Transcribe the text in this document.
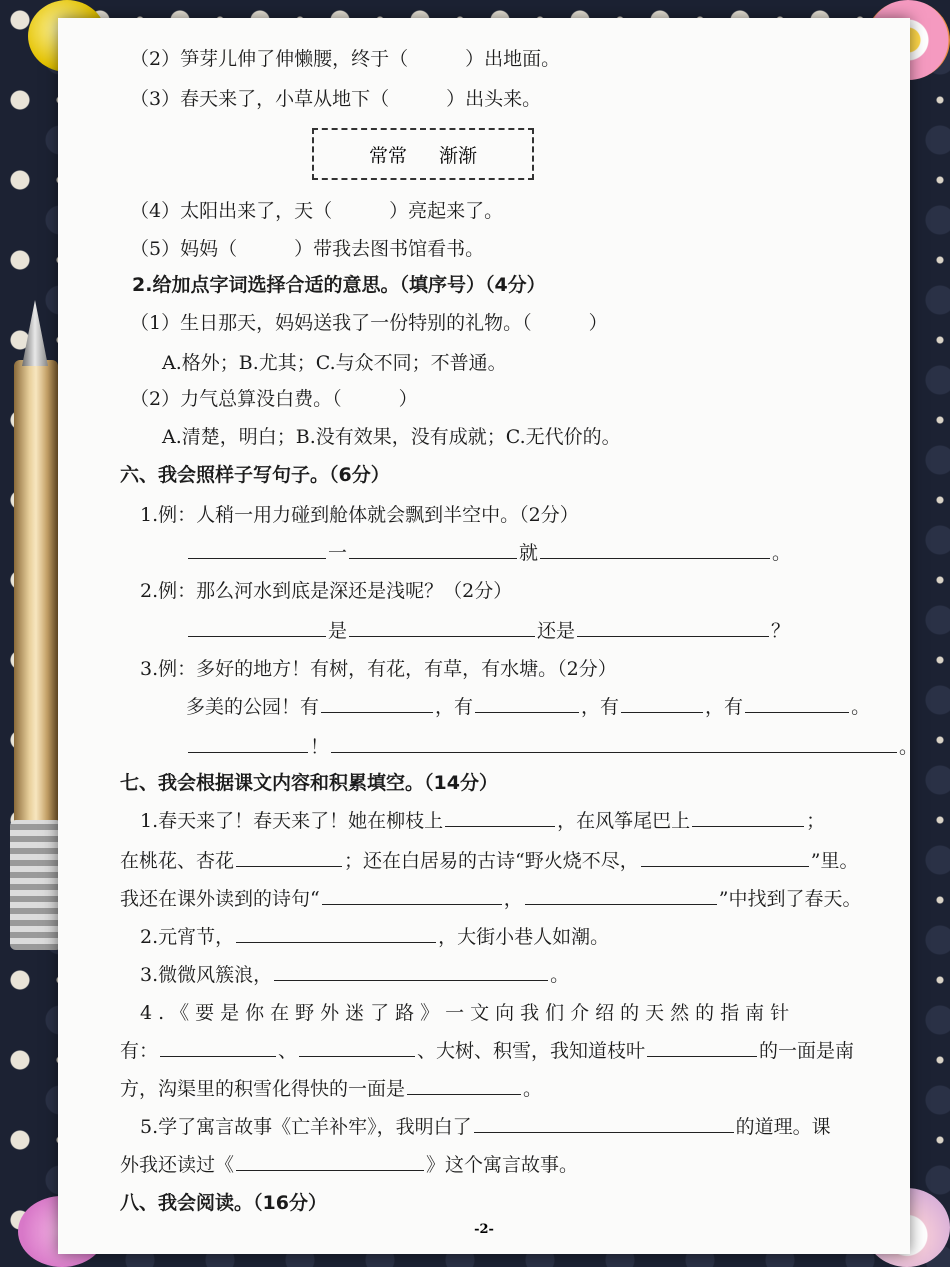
（2）笋芽儿伸了伸懒腰，终于（　　　）出地面。
（3）春天来了，小草从地下（　　　）出头来。
常常 渐渐
（4）太阳出来了，天（　　　）亮起来了。
（5）妈妈（　　　）带我去图书馆看书。
2.给加点字词选择合适的意思。（填序号）（4分）
（1）生日那天，妈妈送我了一份特别的礼物。（　　　）
A.格外；B.尤其；C.与众不同；不普通。
（2）力气总算没白费。（　　　）
A.清楚，明白；B.没有效果，没有成就；C.无代价的。
六、我会照样子写句子。（6分）
1.例：人稍一用力碰到舱体就会飘到半空中。（2分）
一	就	。
2.例：那么河水到底是深还是浅呢？（2分）
是	还是	？
3.例：多好的地方！有树，有花，有草，有水塘。（2分）
多美的公园！有	，有	，有	，有	。
！	。
七、我会根据课文内容和积累填空。（14分）
1.春天来了！春天来了！她在柳枝上	，在风筝尾巴上	；
在桃花、杏花	；还在白居易的古诗“野火烧不尽，	”里。
我还在课外读到的诗句“	，	”中找到了春天。
2.元宵节，	，大街小巷人如潮。
3.微微风簇浪，	。
4.《要是你在野外迷了路》一文向我们介绍的天然的指南针
有：	、	、大树、积雪，我知道枝叶	的一面是南
方，沟渠里的积雪化得快的一面是	。
5.学了寓言故事《亡羊补牢》，我明白了	的道理。课
外我还读过《	》这个寓言故事。
八、我会阅读。（16分）
-2-
